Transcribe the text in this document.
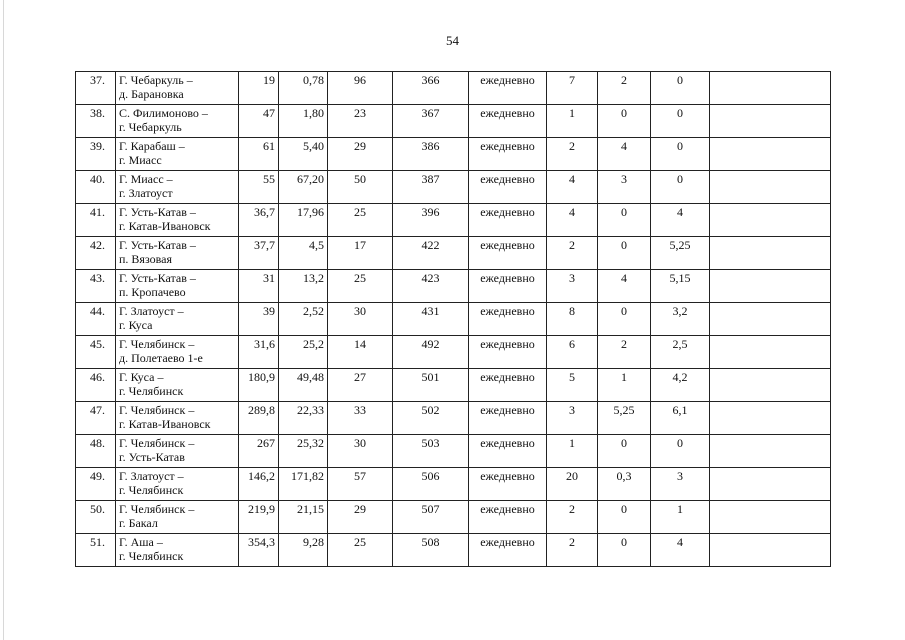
54
37.	Г. Чебаркуль –
д. Барановка	19	0,78	96	366	ежедневно	7	2	0	
38.	С. Филимоново –
г. Чебаркуль	47	1,80	23	367	ежедневно	1	0	0	
39.	Г. Карабаш –
г. Миасс	61	5,40	29	386	ежедневно	2	4	0	
40.	Г. Миасс –
г. Златоуст	55	67,20	50	387	ежедневно	4	3	0	
41.	Г. Усть-Катав –
г. Катав-Ивановск	36,7	17,96	25	396	ежедневно	4	0	4	
42.	Г. Усть-Катав –
п. Вязовая	37,7	4,5	17	422	ежедневно	2	0	5,25	
43.	Г. Усть-Катав –
п. Кропачево	31	13,2	25	423	ежедневно	3	4	5,15	
44.	Г. Златоуст –
г. Куса	39	2,52	30	431	ежедневно	8	0	3,2	
45.	Г. Челябинск –
д. Полетаево 1-е	31,6	25,2	14	492	ежедневно	6	2	2,5	
46.	Г. Куса –
г. Челябинск	180,9	49,48	27	501	ежедневно	5	1	4,2	
47.	Г. Челябинск –
г. Катав-Ивановск	289,8	22,33	33	502	ежедневно	3	5,25	6,1	
48.	Г. Челябинск –
г. Усть-Катав	267	25,32	30	503	ежедневно	1	0	0	
49.	Г. Златоуст –
г. Челябинск	146,2	171,82	57	506	ежедневно	20	0,3	3	
50.	Г. Челябинск –
г. Бакал	219,9	21,15	29	507	ежедневно	2	0	1	
51.	Г. Аша –
г. Челябинск	354,3	9,28	25	508	ежедневно	2	0	4	
